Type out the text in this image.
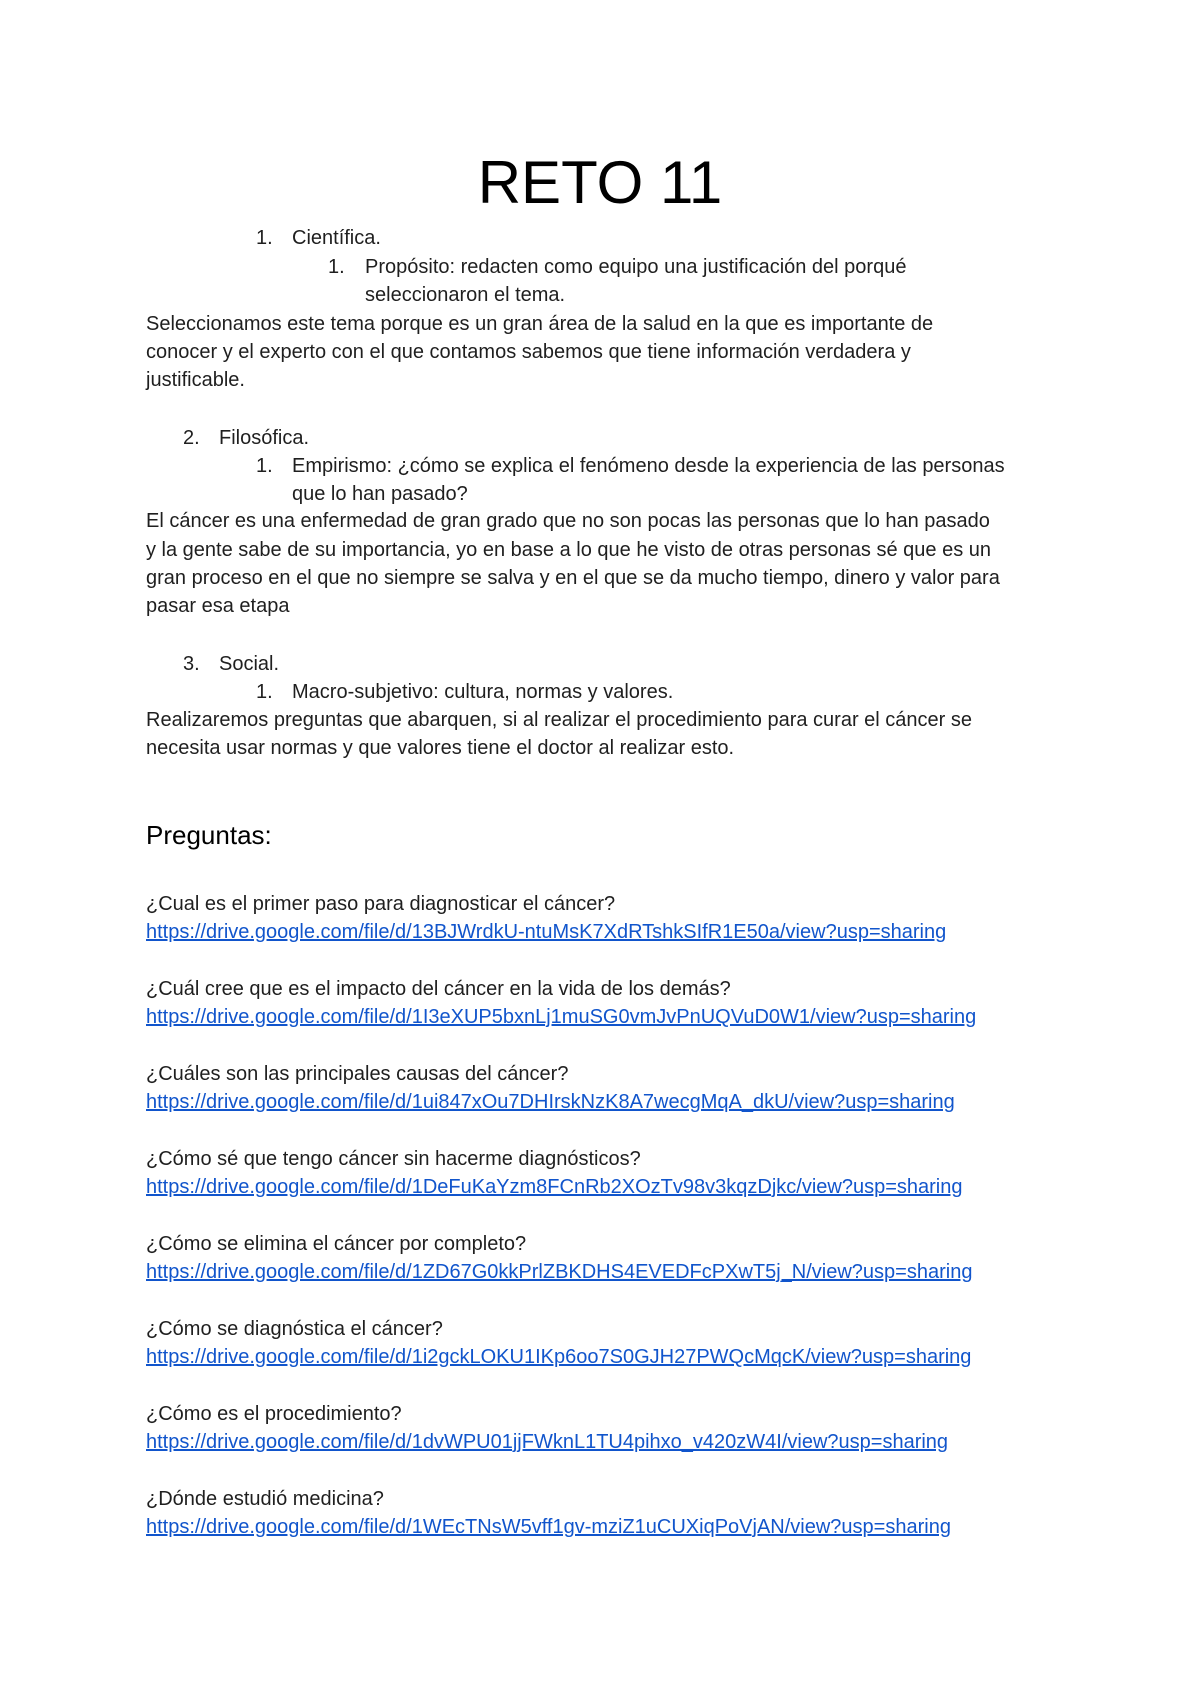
RETO 11
1. Científica.
1. Propósito: redacten como equipo una justificación del porqué
seleccionaron el tema.
Seleccionamos este tema porque es un gran área de la salud en la que es importante de
conocer y el experto con el que contamos sabemos que tiene información verdadera y
justificable.
2. Filosófica.
1. Empirismo: ¿cómo se explica el fenómeno desde la experiencia de las personas
que lo han pasado?
El cáncer es una enfermedad de gran grado que no son pocas las personas que lo han pasado
y la gente sabe de su importancia, yo en base a lo que he visto de otras personas sé que es un
gran proceso en el que no siempre se salva y en el que se da mucho tiempo, dinero y valor para
pasar esa etapa
3. Social.
1. Macro-subjetivo: cultura, normas y valores.
Realizaremos preguntas que abarquen, si al realizar el procedimiento para curar el cáncer se
necesita usar normas y que valores tiene el doctor al realizar esto.
Preguntas:
¿Cual es el primer paso para diagnosticar el cáncer?
https://drive.google.com/file/d/13BJWrdkU-ntuMsK7XdRTshkSIfR1E50a/view?usp=sharing
¿Cuál cree que es el impacto del cáncer en la vida de los demás?
https://drive.google.com/file/d/1I3eXUP5bxnLj1muSG0vmJvPnUQVuD0W1/view?usp=sharing
¿Cuáles son las principales causas del cáncer?
https://drive.google.com/file/d/1ui847xOu7DHIrskNzK8A7wecgMqA_dkU/view?usp=sharing
¿Cómo sé que tengo cáncer sin hacerme diagnósticos?
https://drive.google.com/file/d/1DeFuKaYzm8FCnRb2XOzTv98v3kqzDjkc/view?usp=sharing
¿Cómo se elimina el cáncer por completo?
https://drive.google.com/file/d/1ZD67G0kkPrlZBKDHS4EVEDFcPXwT5j_N/view?usp=sharing
¿Cómo se diagnóstica el cáncer?
https://drive.google.com/file/d/1i2gckLOKU1IKp6oo7S0GJH27PWQcMqcK/view?usp=sharing
¿Cómo es el procedimiento?
https://drive.google.com/file/d/1dvWPU01jjFWknL1TU4pihxo_v420zW4I/view?usp=sharing
¿Dónde estudió medicina?
https://drive.google.com/file/d/1WEcTNsW5vff1gv-mziZ1uCUXiqPoVjAN/view?usp=sharing
